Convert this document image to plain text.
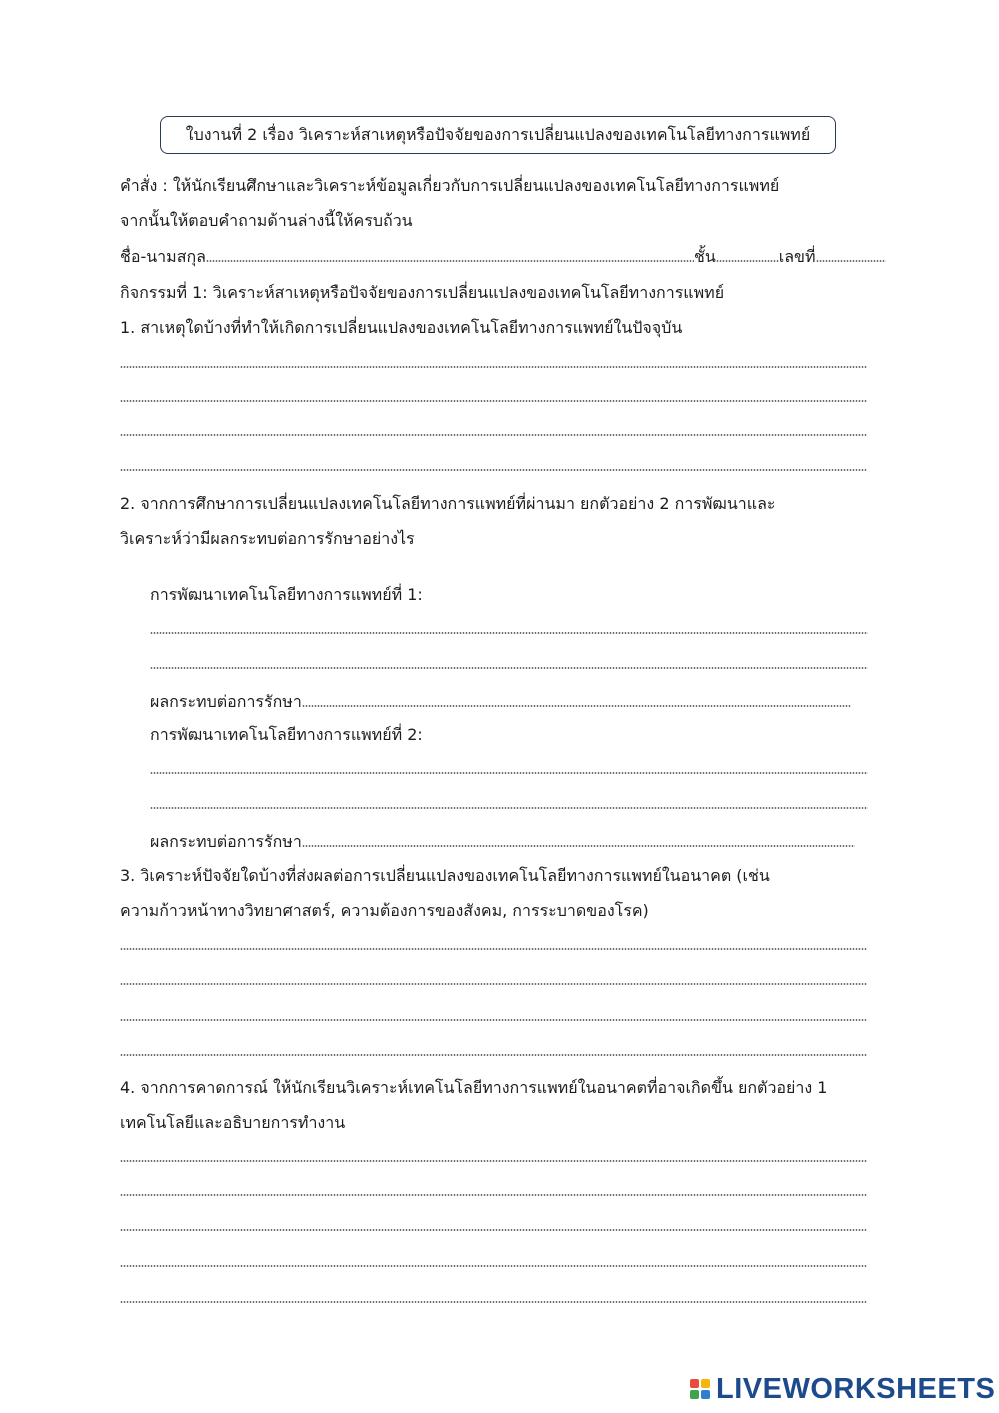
ใบงานที่ 2 เรื่อง วิเคราะห์สาเหตุหรือปัจจัยของการเปลี่ยนแปลงของเทคโนโลยีทางการแพทย์
คำสั่ง : ให้นักเรียนศึกษาและวิเคราะห์ข้อมูลเกี่ยวกับการเปลี่ยนแปลงของเทคโนโลยีทางการแพทย์
จากนั้นให้ตอบคำถามด้านล่างนี้ให้ครบถ้วน
ชื่อ-นามสกุล	ชั้น	เลขที่
กิจกรรมที่ 1: วิเคราะห์สาเหตุหรือปัจจัยของการเปลี่ยนแปลงของเทคโนโลยีทางการแพทย์
1. สาเหตุใดบ้างที่ทำให้เกิดการเปลี่ยนแปลงของเทคโนโลยีทางการแพทย์ในปัจจุบัน
2. จากการศึกษาการเปลี่ยนแปลงเทคโนโลยีทางการแพทย์ที่ผ่านมา ยกตัวอย่าง 2 การพัฒนาและ
วิเคราะห์ว่ามีผลกระทบต่อการรักษาอย่างไร
การพัฒนาเทคโนโลยีทางการแพทย์ที่ 1:
ผลกระทบต่อการรักษา
การพัฒนาเทคโนโลยีทางการแพทย์ที่ 2:
ผลกระทบต่อการรักษา
3. วิเคราะห์ปัจจัยใดบ้างที่ส่งผลต่อการเปลี่ยนแปลงของเทคโนโลยีทางการแพทย์ในอนาคต (เช่น
ความก้าวหน้าทางวิทยาศาสตร์, ความต้องการของสังคม, การระบาดของโรค)
4. จากการคาดการณ์ ให้นักเรียนวิเคราะห์เทคโนโลยีทางการแพทย์ในอนาคตที่อาจเกิดขึ้น ยกตัวอย่าง 1
เทคโนโลยีและอธิบายการทำงาน
LIVEWORKSHEETS
